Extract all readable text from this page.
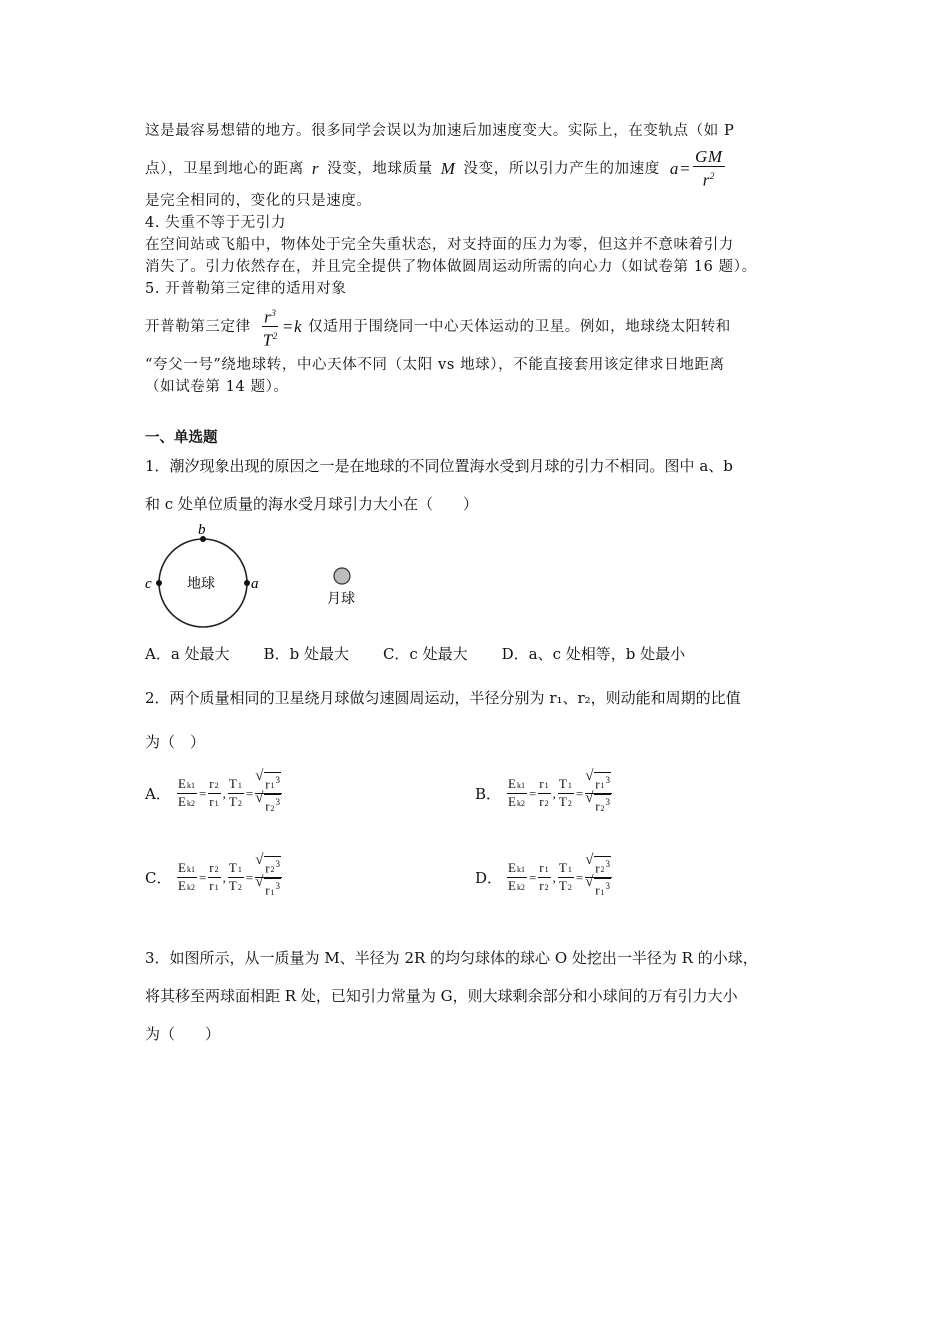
这是最容易想错的地方。很多同学会误以为加速后加速度变大。实际上，在变轨点（如 P

点），卫星到地心的距离 r 没变，地球质量 M 没变，所以引力产生的加速度 $a = \frac{GM}{r^2}$

是完全相同的，变化的只是速度。

4. 失重不等于无引力

在空间站或飞船中，物体处于完全失重状态，对支持面的压力为零，但这并不意味着引力

消失了。引力依然存在，并且完全提供了物体做圆周运动所需的向心力（如试卷第 16 题）。

5. 开普勒第三定律的适用对象

开普勒第三定律 $\frac{r^3}{T^2} =k$ 仅适用于围绕同一中心天体运动的卫星。例如，地球绕太阳转和

“夸父一号”绕地球转，中心天体不同（太阳 vs 地球），不能直接套用该定律求日地距离

（如试卷第 14 题）。

一、单选题

1．潮汐现象出现的原因之一是在地球的不同位置海水受到月球的引力不相同。图中 a、b

和 c 处单位质量的海水受月球引力大小在（　　）

b
c	a
地球
月球
A．a 处最大 B．b 处最大 C．c 处最大 D．a、c 处相等，b 处最小

2．两个质量相同的卫星绕月球做匀速圆周运动，半径分别为 r₁、r₂，则动能和周期的比值

为（　）

A．
Ek1
Ek2
=
r2
r1
,
T1
T2
=
√ $r1^3$
√ $r2^3$	B．
Ek1
Ek2
=
r1
r2
,
T1
T2
=
√ $r1^3$
√ $r2^3$
C．
Ek1
Ek2
=
r2
r1
,
T1
T2
=
√ $r2^3$
√ $r1^3$	D．
Ek1
Ek2
=
r1
r2
,
T1
T2
=
√ $r2^3$
√ $r1^3$

3．如图所示，从一质量为 M、半径为 2R 的均匀球体的球心 O 处挖出一半径为 R 的小球，

将其移至两球面相距 R 处，已知引力常量为 G，则大球剩余部分和小球间的万有引力大小

为（　　）
